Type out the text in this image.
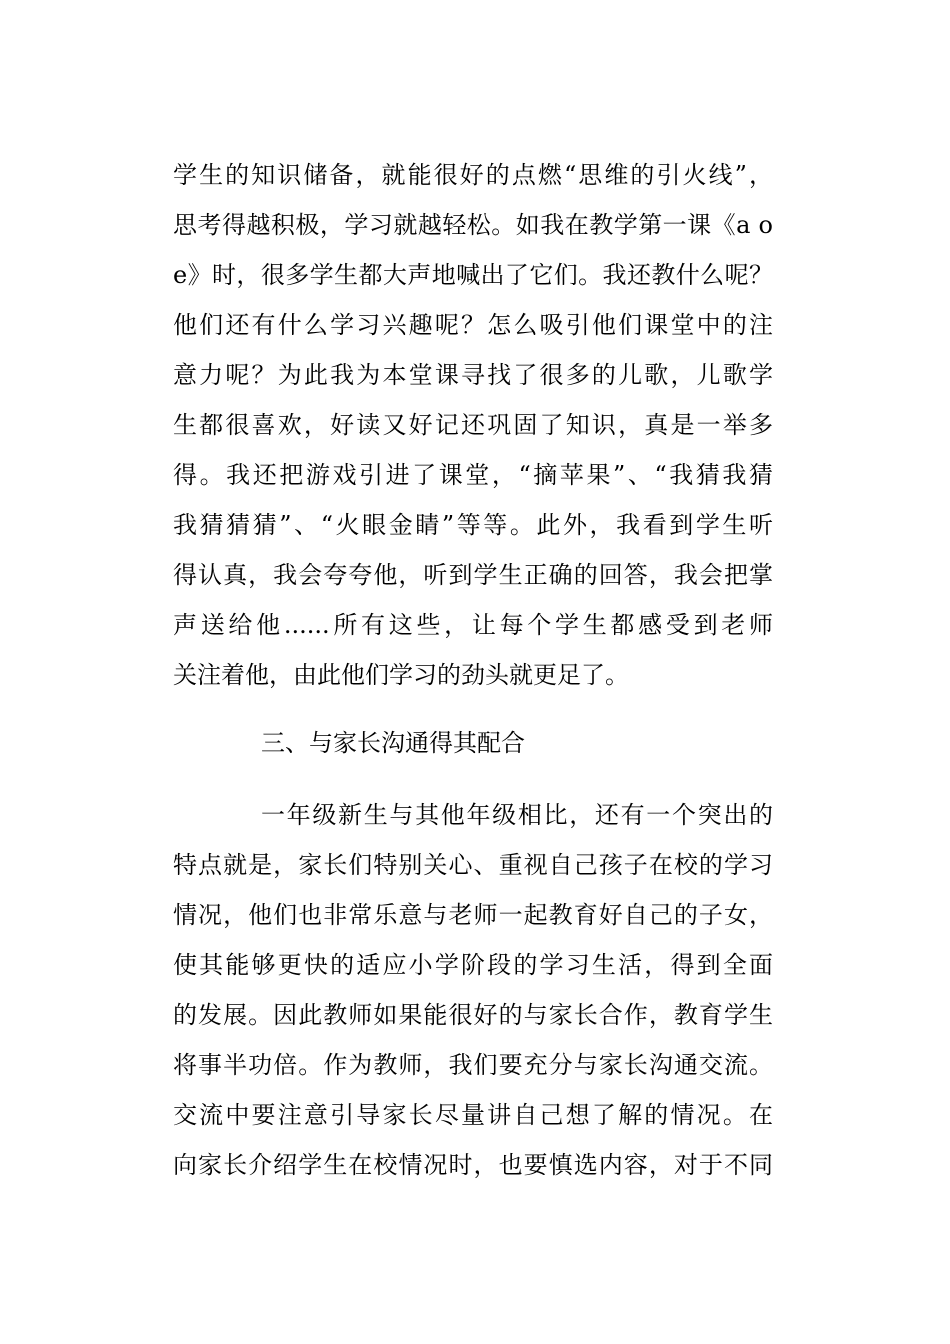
学生的知识储备，就能很好的点燃“思维的引火线”，
思考得越积极，学习就越轻松。如我在教学第一课《a o
e》时，很多学生都大声地喊出了它们。我还教什么呢？
他们还有什么学习兴趣呢？怎么吸引他们课堂中的注
意力呢？为此我为本堂课寻找了很多的儿歌，儿歌学
生都很喜欢，好读又好记还巩固了知识，真是一举多
得。我还把游戏引进了课堂，“摘苹果”、“我猜我猜
我猜猜猜”、“火眼金睛”等等。此外，我看到学生听
得认真，我会夸夸他，听到学生正确的回答，我会把掌
声送给他......所有这些，让每个学生都感受到老师
关注着他，由此他们学习的劲头就更足了。
三、与家长沟通得其配合
一年级新生与其他年级相比，还有一个突出的
特点就是，家长们特别关心、重视自己孩子在校的学习
情况，他们也非常乐意与老师一起教育好自己的子女，
使其能够更快的适应小学阶段的学习生活，得到全面
的发展。因此教师如果能很好的与家长合作，教育学生
将事半功倍。作为教师，我们要充分与家长沟通交流。
交流中要注意引导家长尽量讲自己想了解的情况。在
向家长介绍学生在校情况时，也要慎选内容，对于不同
